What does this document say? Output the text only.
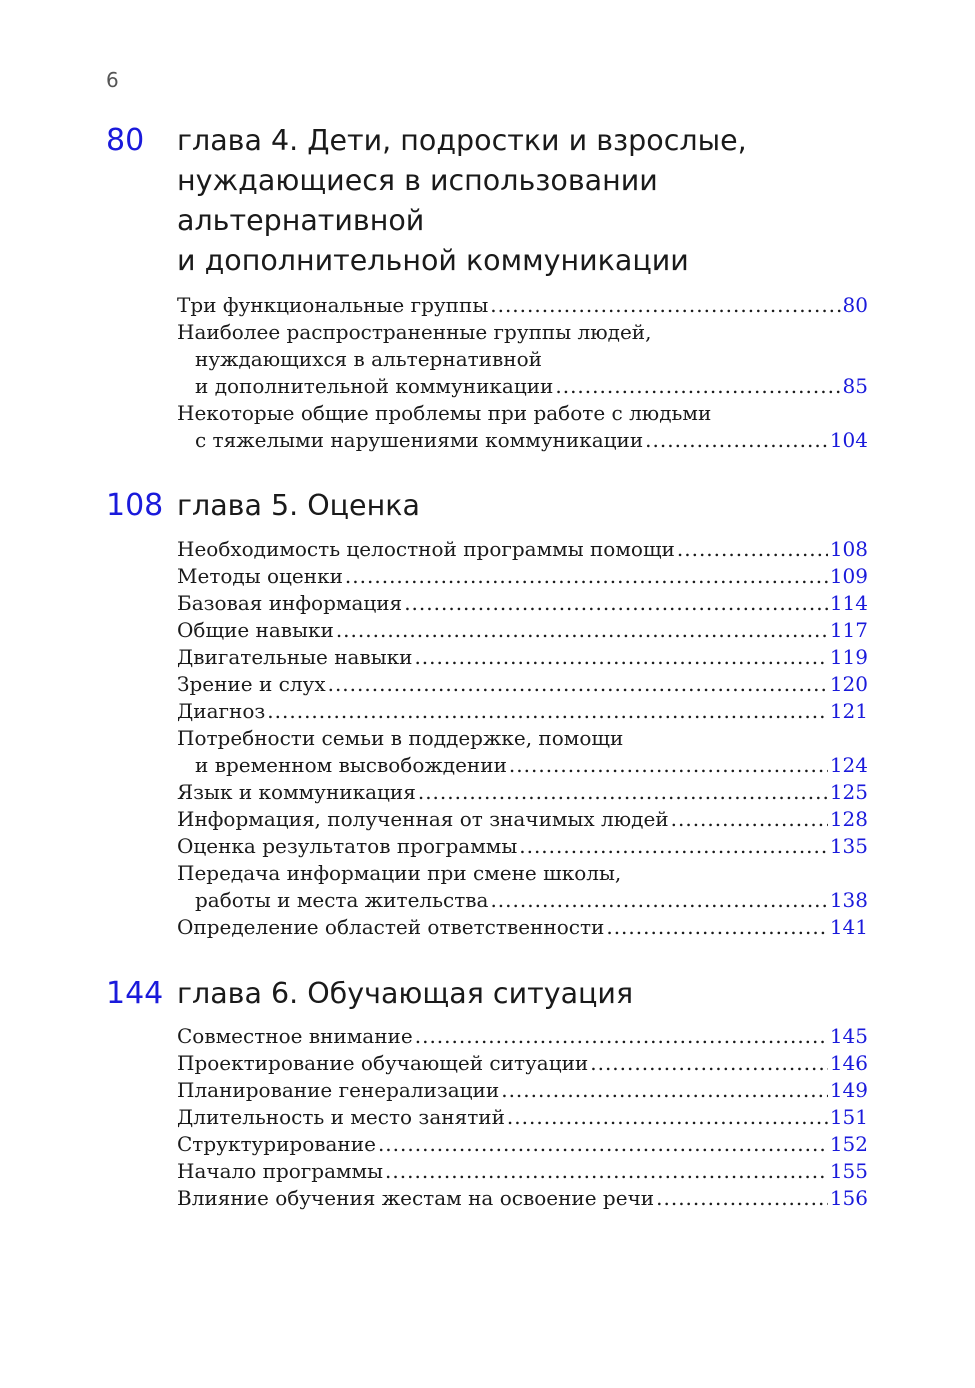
6
80 глава 4. Дети, подростки и взрослые,
нуждающиеся в использовании
альтернативной
и дополнительной коммуникации
Три функциональные группы .....	80
Наиболее распространенные группы людей,
нуждающихся в альтернативной
и дополнительной коммуникации .....	85
Некоторые общие проблемы при работе с людьми
с тяжелыми нарушениями коммуникации .....	104
108 глава 5. Оценка
Необходимость целостной программы помощи .....	108
Методы оценки .....	109
Базовая информация .....	114
Общие навыки .....	117
Двигательные навыки .....	119
Зрение и слух .....	120
Диагноз .....	121
Потребности семьи в поддержке, помощи
и временном высвобождении .....	124
Язык и коммуникация .....	125
Информация, полученная от значимых людей .....	128
Оценка результатов программы .....	135
Передача информации при смене школы,
работы и места жительства .....	138
Определение областей ответственности .....	141
144 глава 6. Обучающая ситуация
Совместное внимание .....	145
Проектирование обучающей ситуации .....	146
Планирование генерализации .....	149
Длительность и место занятий .....	151
Структурирование .....	152
Начало программы .....	155
Влияние обучения жестам на освоение речи .....	156
